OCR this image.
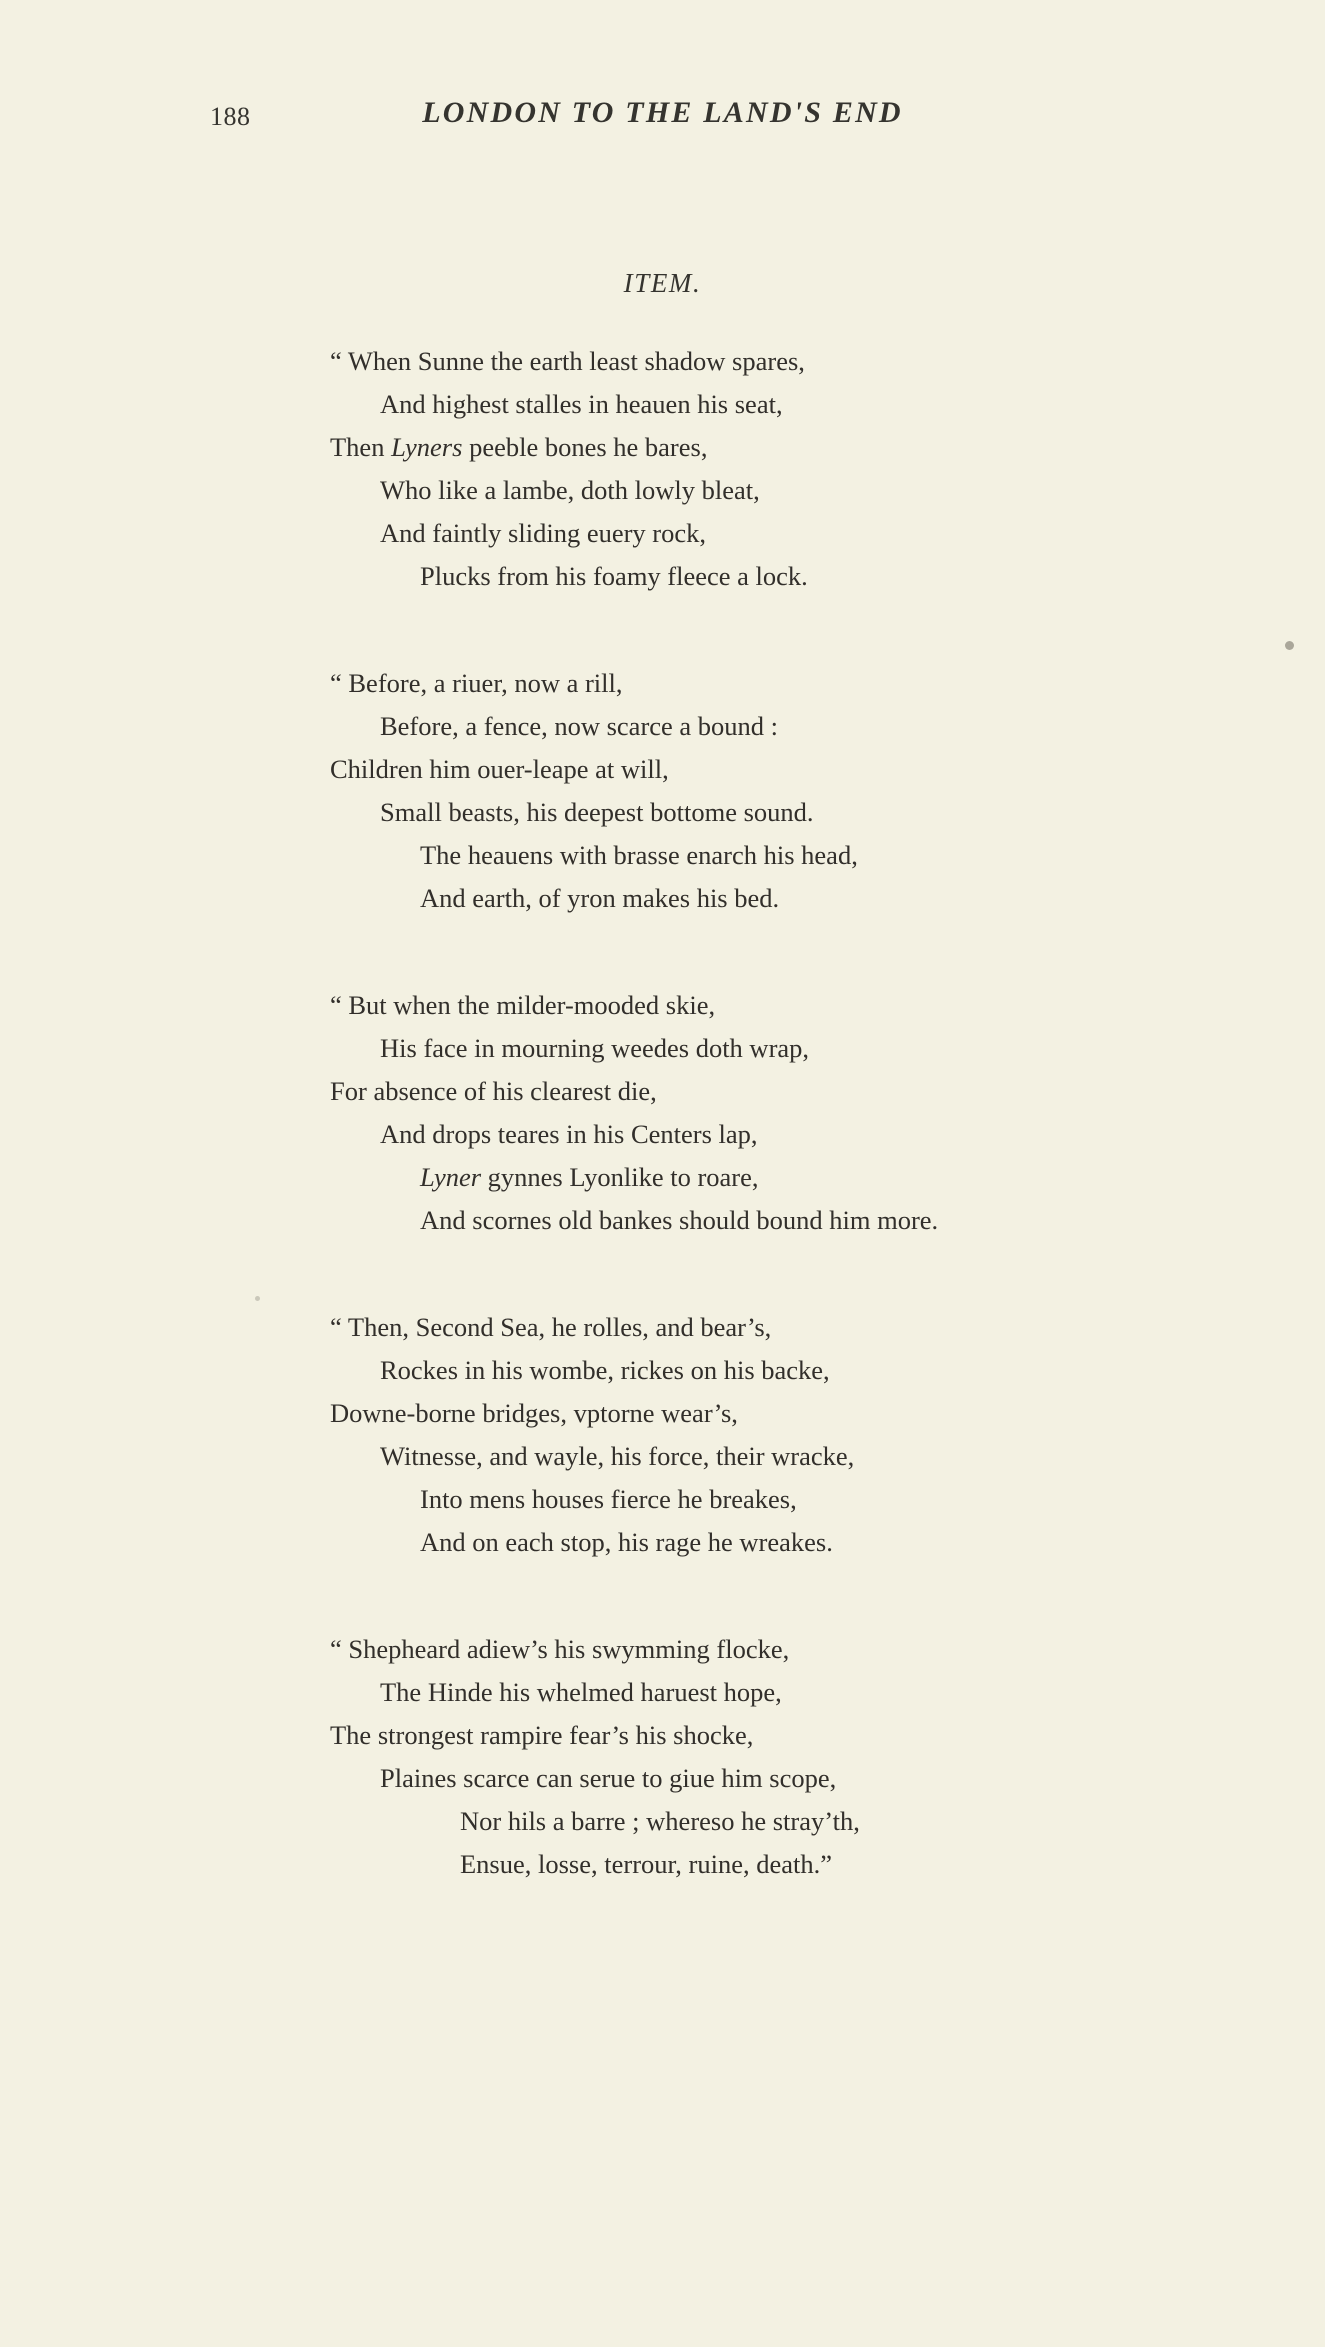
188	LONDON TO THE LAND'S END
ITEM.
“ When Sunne the earth least shadow spares,
And highest stalles in heauen his seat,
Then Lyners peeble bones he bares,
Who like a lambe, doth lowly bleat,
And faintly sliding euery rock,
Plucks from his foamy fleece a lock.
“ Before, a riuer, now a rill,
Before, a fence, now scarce a bound :
Children him ouer-leape at will,
Small beasts, his deepest bottome sound.
The heauens with brasse enarch his head,
And earth, of yron makes his bed.
“ But when the milder-mooded skie,
His face in mourning weedes doth wrap,
For absence of his clearest die,
And drops teares in his Centers lap,
Lyner gynnes Lyonlike to roare,
And scornes old bankes should bound him more.
“ Then, Second Sea, he rolles, and bear’s,
Rockes in his wombe, rickes on his backe,
Downe-borne bridges, vptorne wear’s,
Witnesse, and wayle, his force, their wracke,
Into mens houses fierce he breakes,
And on each stop, his rage he wreakes.
“ Shepheard adiew’s his swymming flocke,
The Hinde his whelmed haruest hope,
The strongest rampire fear’s his shocke,
Plaines scarce can serue to giue him scope,
Nor hils a barre ; whereso he stray’th,
Ensue, losse, terrour, ruine, death.”
